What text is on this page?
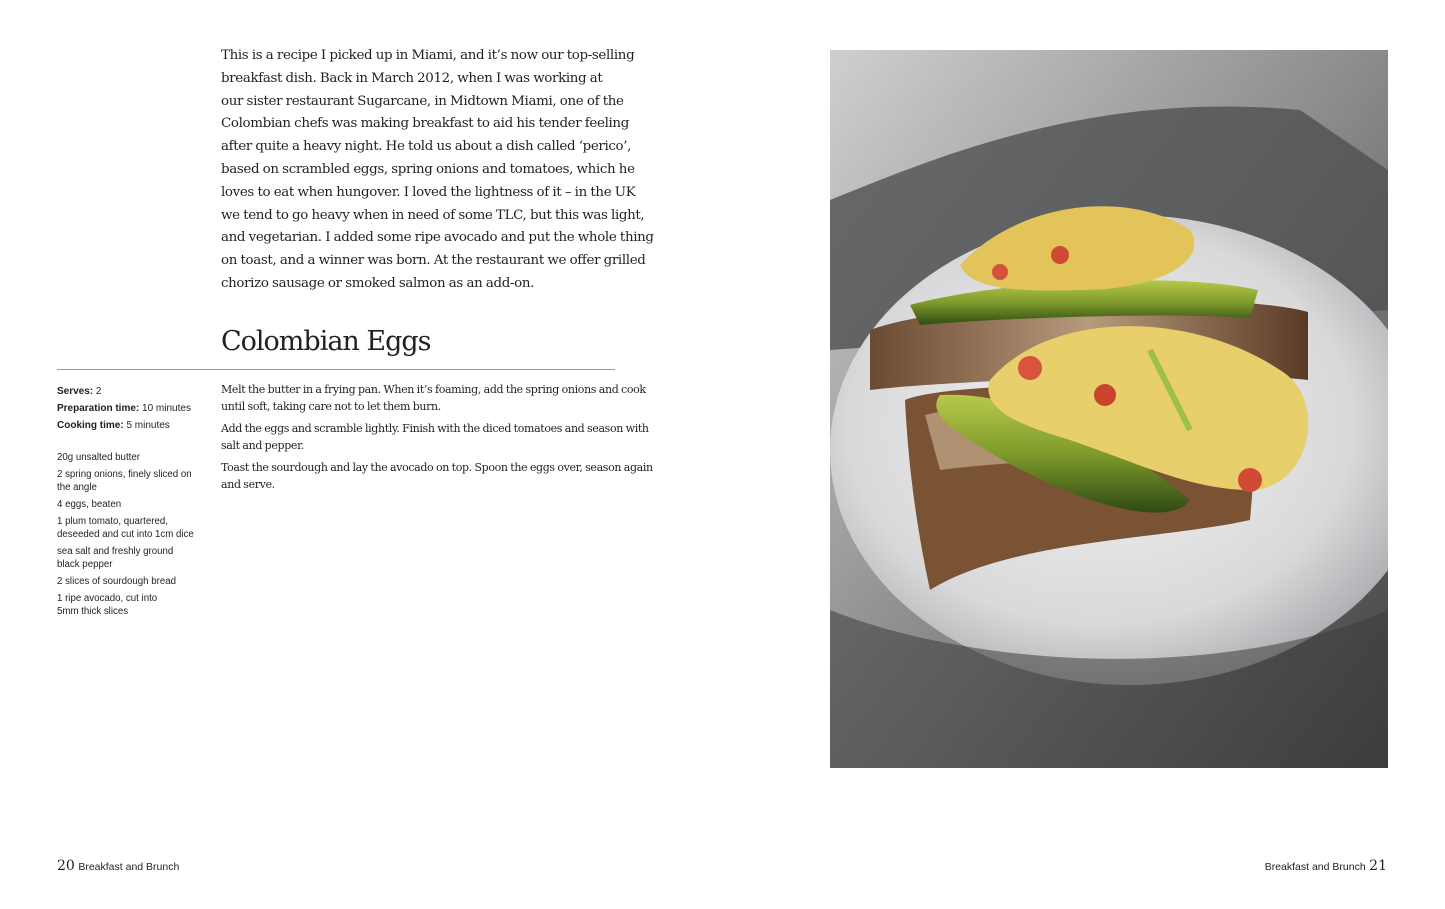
This is a recipe I picked up in Miami, and it’s now our top-selling
breakfast dish. Back in March 2012, when I was working at
our sister restaurant Sugarcane, in Midtown Miami, one of the
Colombian chefs was making breakfast to aid his tender feeling
after quite a heavy night. He told us about a dish called ‘perico’,
based on scrambled eggs, spring onions and tomatoes, which he
loves to eat when hungover. I loved the lightness of it – in the UK
we tend to go heavy when in need of some TLC, but this was light,
and vegetarian. I added some ripe avocado and put the whole thing
on toast, and a winner was born. At the restaurant we offer grilled
chorizo sausage or smoked salmon as an add-on.
Colombian Eggs
Serves: 2
Preparation time: 10 minutes
Cooking time: 5 minutes
20g unsalted butter
2 spring onions, finely sliced on
the angle
4 eggs, beaten
1 plum tomato, quartered,
deseeded and cut into 1cm dice
sea salt and freshly ground
black pepper
2 slices of sourdough bread
1 ripe avocado, cut into
5mm thick slices
Melt the butter in a frying pan. When it’s foaming, add the spring onions and cook
until soft, taking care not to let them burn.
Add the eggs and scramble lightly. Finish with the diced tomatoes and season with
salt and pepper.
Toast the sourdough and lay the avocado on top. Spoon the eggs over, season again
and serve.
20 Breakfast and Brunch	Breakfast and Brunch 21
